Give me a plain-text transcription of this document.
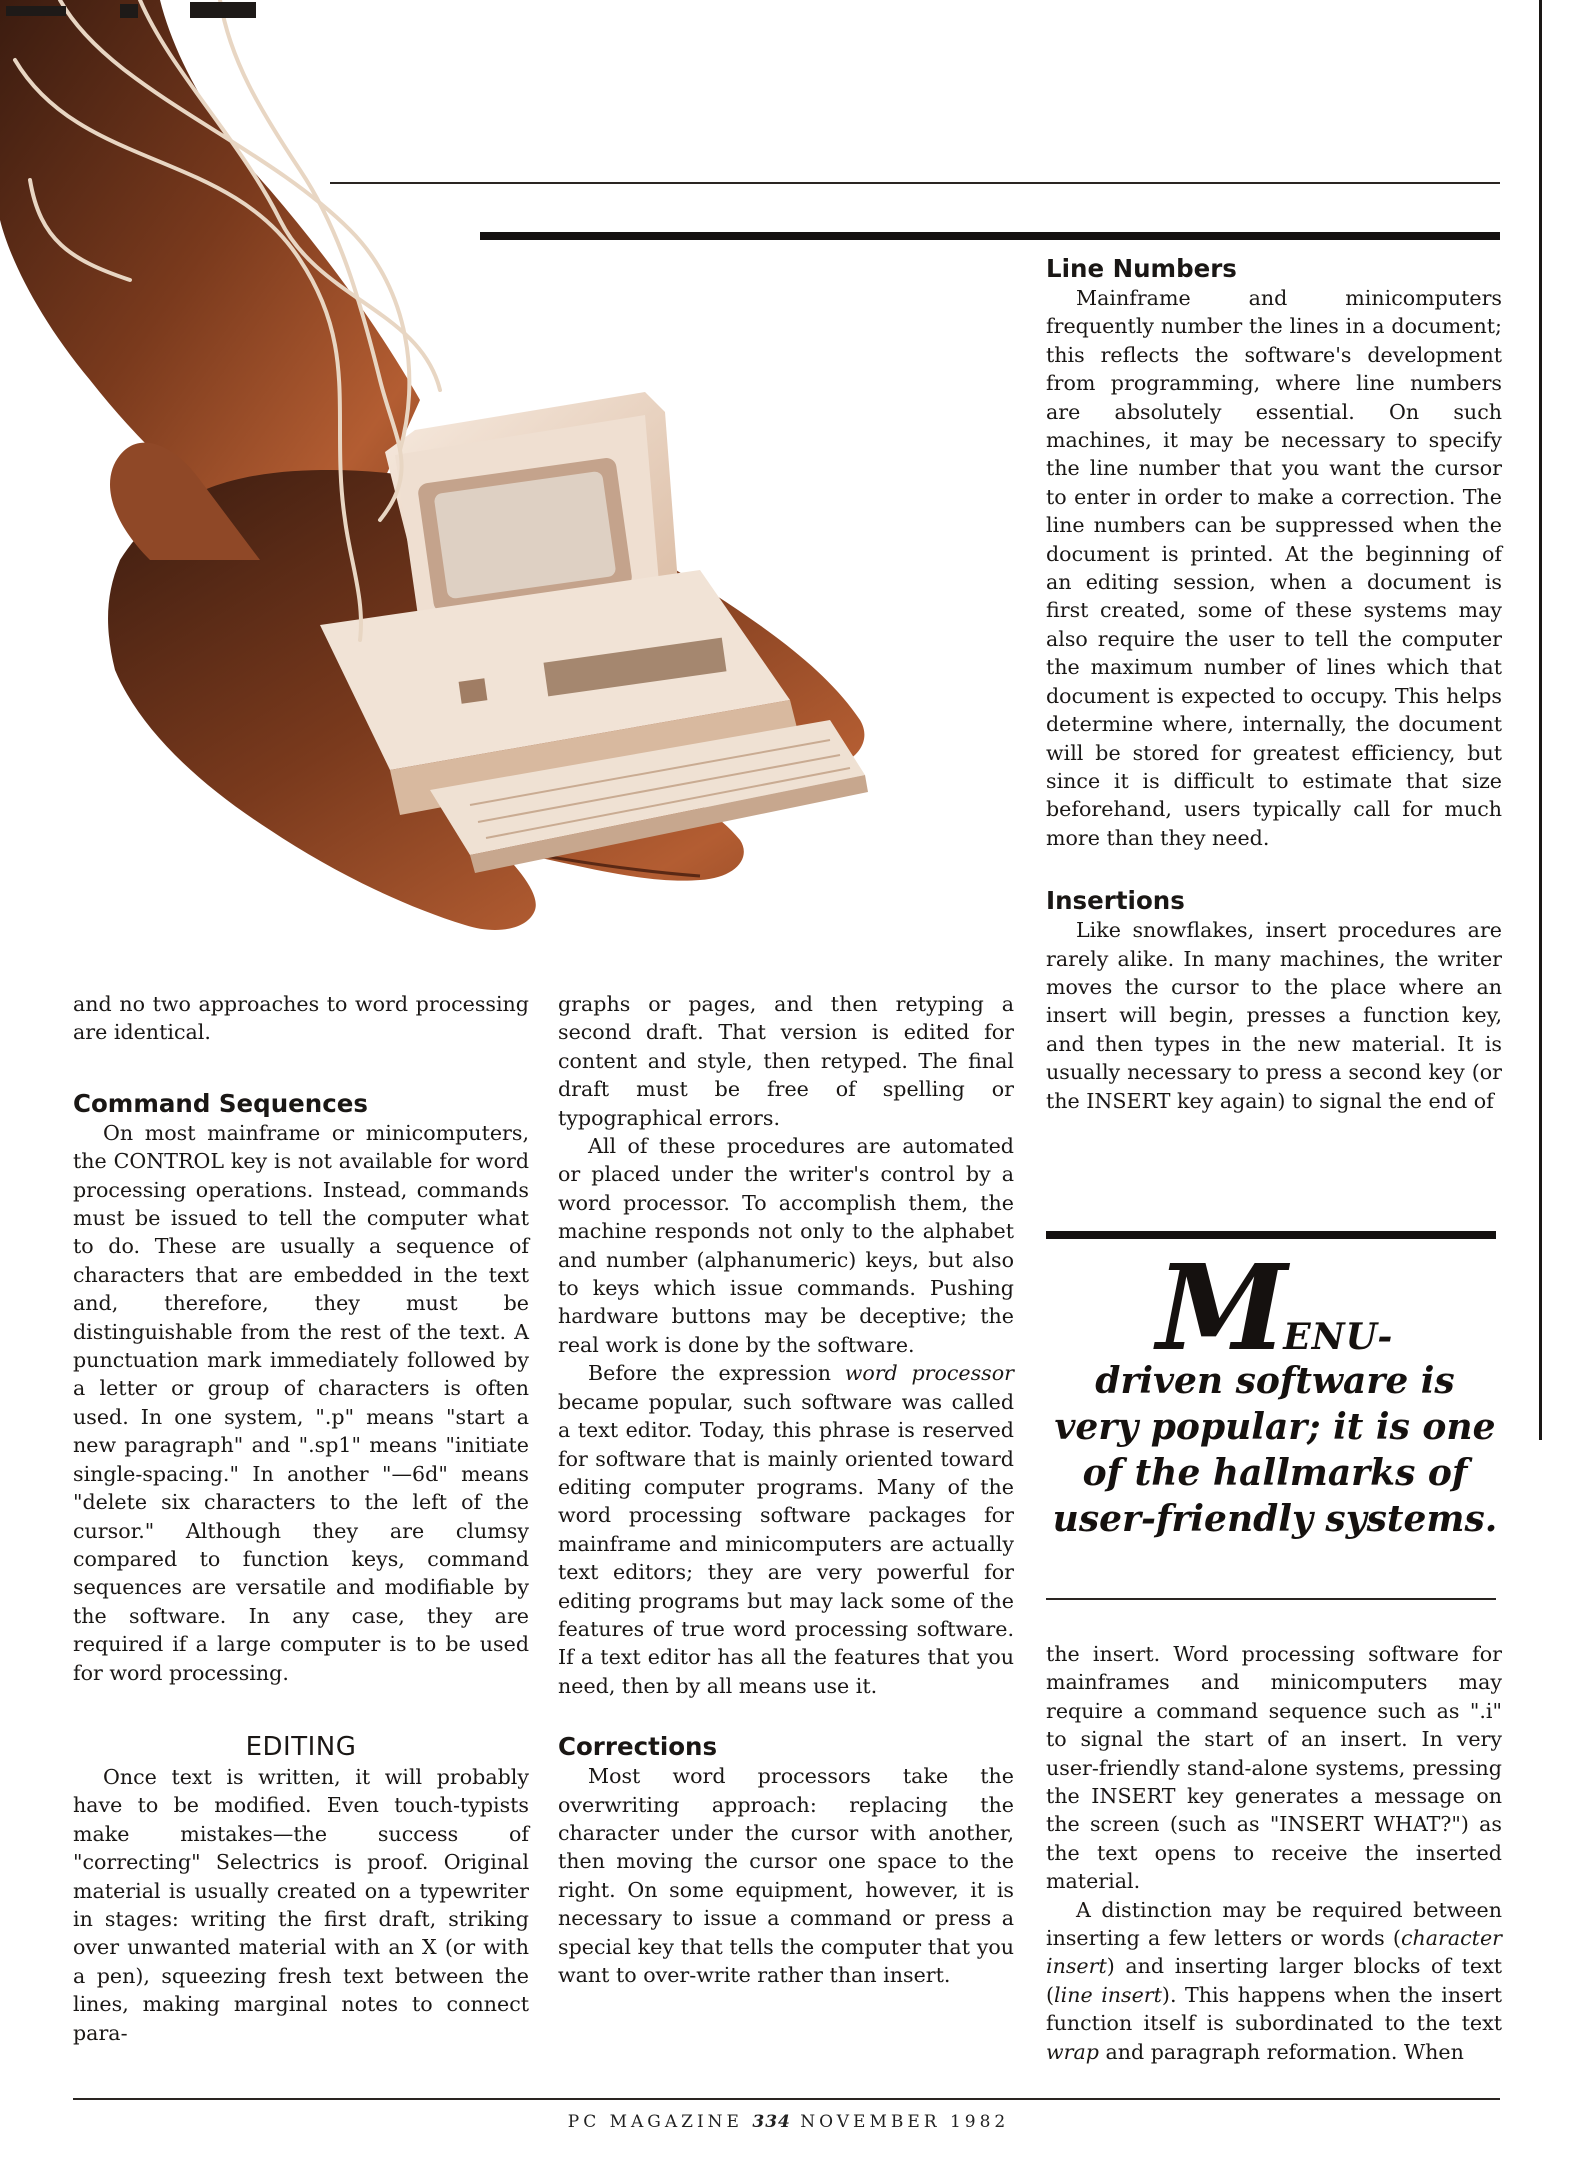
and no two approaches to word processing are identical.

Command Sequences

On most mainframe or minicomputers, the CONTROL key is not available for word processing operations. Instead, commands must be issued to tell the computer what to do. These are usually a sequence of characters that are embedded in the text and, therefore, they must be distinguishable from the rest of the text. A punctuation mark immediately followed by a letter or group of characters is often used. In one system, ".p" means "start a new paragraph" and ".sp1" means "initiate single-spacing." In another "—6d" means "delete six characters to the left of the cursor." Although they are clumsy compared to function keys, command sequences are versatile and modifiable by the software. In any case, they are required if a large computer is to be used for word processing.

EDITING

Once text is written, it will probably have to be modified. Even touch-typists make mistakes—the success of "correcting" Selectrics is proof. Original material is usually created on a typewriter in stages: writing the first draft, striking over unwanted material with an X (or with a pen), squeezing fresh text between the lines, making marginal notes to connect para-

graphs or pages, and then retyping a second draft. That version is edited for content and style, then retyped. The final draft must be free of spelling or typographical errors.

All of these procedures are automated or placed under the writer's control by a word processor. To accomplish them, the machine responds not only to the alphabet and number (alphanumeric) keys, but also to keys which issue commands. Pushing hardware buttons may be deceptive; the real work is done by the software.

Before the expression word processor became popular, such software was called a text editor. Today, this phrase is reserved for software that is mainly oriented toward editing computer programs. Many of the word processing software packages for mainframe and minicomputers are actually text editors; they are very powerful for editing programs but may lack some of the features of true word processing software. If a text editor has all the features that you need, then by all means use it.

Corrections

Most word processors take the overwriting approach: replacing the character under the cursor with another, then moving the cursor one space to the right. On some equipment, however, it is necessary to issue a command or press a special key that tells the computer that you want to over-write rather than insert.

Line Numbers

Mainframe and minicomputers frequently number the lines in a document; this reflects the software's development from programming, where line numbers are absolutely essential. On such machines, it may be necessary to specify the line number that you want the cursor to enter in order to make a correction. The line numbers can be suppressed when the document is printed. At the beginning of an editing session, when a document is first created, some of these systems may also require the user to tell the computer the maximum number of lines which that document is expected to occupy. This helps determine where, internally, the document will be stored for greatest efficiency, but since it is difficult to estimate that size beforehand, users typically call for much more than they need.

Insertions

Like snowflakes, insert procedures are rarely alike. In many machines, the writer moves the cursor to the place where an insert will begin, presses a function key, and then types in the new material. It is usually necessary to press a second key (or the INSERT key again) to signal the end of

MENU-
driven software is
very popular; it is one
of the hallmarks of
user-friendly systems.

the insert. Word processing software for mainframes and minicomputers may require a command sequence such as ".i" to signal the start of an insert. In very user-friendly stand-alone systems, pressing the INSERT key generates a message on the screen (such as "INSERT WHAT?") as the text opens to receive the inserted material.

A distinction may be required between inserting a few letters or words (character insert) and inserting larger blocks of text (line insert). This happens when the insert function itself is subordinated to the text wrap and paragraph reformation. When

PC MAGAZINE 334 NOVEMBER 1982
